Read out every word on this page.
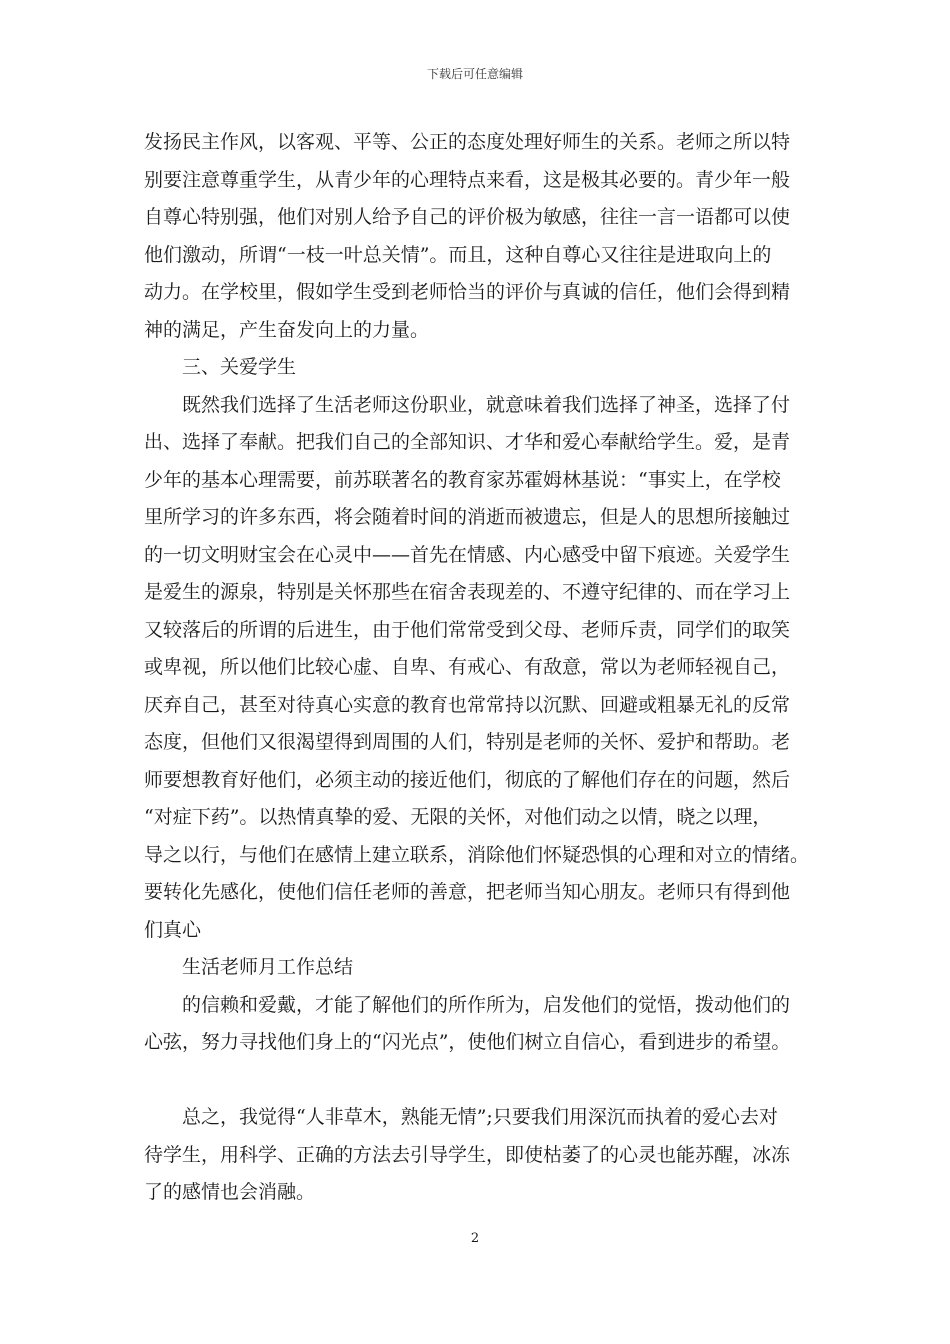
下载后可任意编辑
发扬民主作风，以客观、平等、公正的态度处理好师生的关系。老师之所以特
别要注意尊重学生，从青少年的心理特点来看，这是极其必要的。青少年一般
自尊心特别强，他们对别人给予自己的评价极为敏感，往往一言一语都可以使
他们激动，所谓“一枝一叶总关情”。而且，这种自尊心又往往是进取向上的
动力。在学校里，假如学生受到老师恰当的评价与真诚的信任，他们会得到精
神的满足，产生奋发向上的力量。
三、关爱学生
既然我们选择了生活老师这份职业，就意味着我们选择了神圣，选择了付
出、选择了奉献。把我们自己的全部知识、才华和爱心奉献给学生。爱，是青
少年的基本心理需要，前苏联著名的教育家苏霍姆林基说：“事实上，在学校
里所学习的许多东西，将会随着时间的消逝而被遗忘，但是人的思想所接触过
的一切文明财宝会在心灵中——首先在情感、内心感受中留下痕迹。关爱学生
是爱生的源泉，特别是关怀那些在宿舍表现差的、不遵守纪律的、而在学习上
又较落后的所谓的后进生，由于他们常常受到父母、老师斥责，同学们的取笑
或卑视，所以他们比较心虚、自卑、有戒心、有敌意，常以为老师轻视自己，
厌弃自己，甚至对待真心实意的教育也常常持以沉默、回避或粗暴无礼的反常
态度，但他们又很渴望得到周围的人们，特别是老师的关怀、爱护和帮助。老
师要想教育好他们，必须主动的接近他们，彻底的了解他们存在的问题，然后
“对症下药”。以热情真挚的爱、无限的关怀，对他们动之以情，晓之以理，
导之以行，与他们在感情上建立联系，消除他们怀疑恐惧的心理和对立的情绪。
要转化先感化，使他们信任老师的善意，把老师当知心朋友。老师只有得到他
们真心
生活老师月工作总结
的信赖和爱戴，才能了解他们的所作所为，启发他们的觉悟，拨动他们的
心弦，努力寻找他们身上的“闪光点”，使他们树立自信心，看到进步的希望。
总之，我觉得“人非草木，熟能无情”;只要我们用深沉而执着的爱心去对
待学生，用科学、正确的方法去引导学生，即使枯萎了的心灵也能苏醒，冰冻
了的感情也会消融。
2
